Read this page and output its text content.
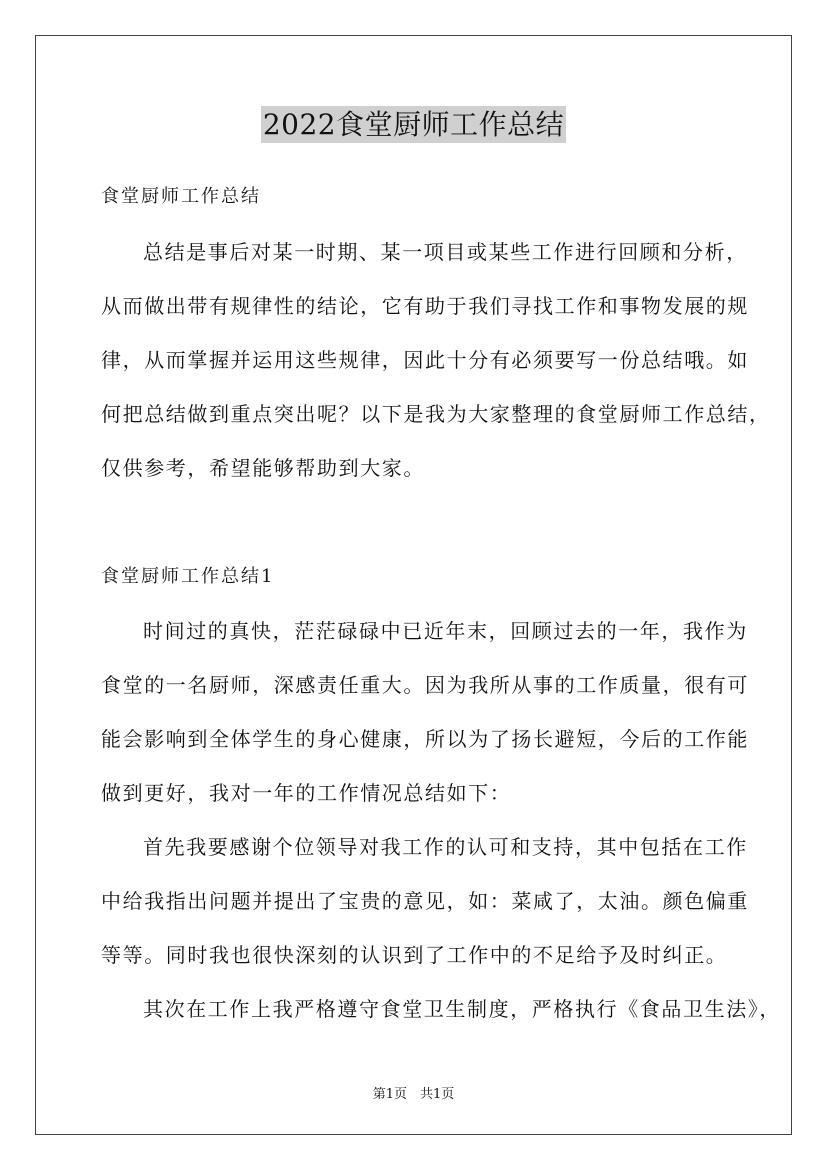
2022食堂厨师工作总结
食堂厨师工作总结
总结是事后对某一时期、某一项目或某些工作进行回顾和分析，
从而做出带有规律性的结论，它有助于我们寻找工作和事物发展的规
律，从而掌握并运用这些规律，因此十分有必须要写一份总结哦。如
何把总结做到重点突出呢？以下是我为大家整理的食堂厨师工作总结，
仅供参考，希望能够帮助到大家。
食堂厨师工作总结1
时间过的真快，茫茫碌碌中已近年末，回顾过去的一年，我作为
食堂的一名厨师，深感责任重大。因为我所从事的工作质量，很有可
能会影响到全体学生的身心健康，所以为了扬长避短，今后的工作能
做到更好，我对一年的工作情况总结如下：
首先我要感谢个位领导对我工作的认可和支持，其中包括在工作
中给我指出问题并提出了宝贵的意见，如：菜咸了，太油。颜色偏重
等等。同时我也很快深刻的认识到了工作中的不足给予及时纠正。
其次在工作上我严格遵守食堂卫生制度，严格执行《食品卫生法》，
第1页　共1页
